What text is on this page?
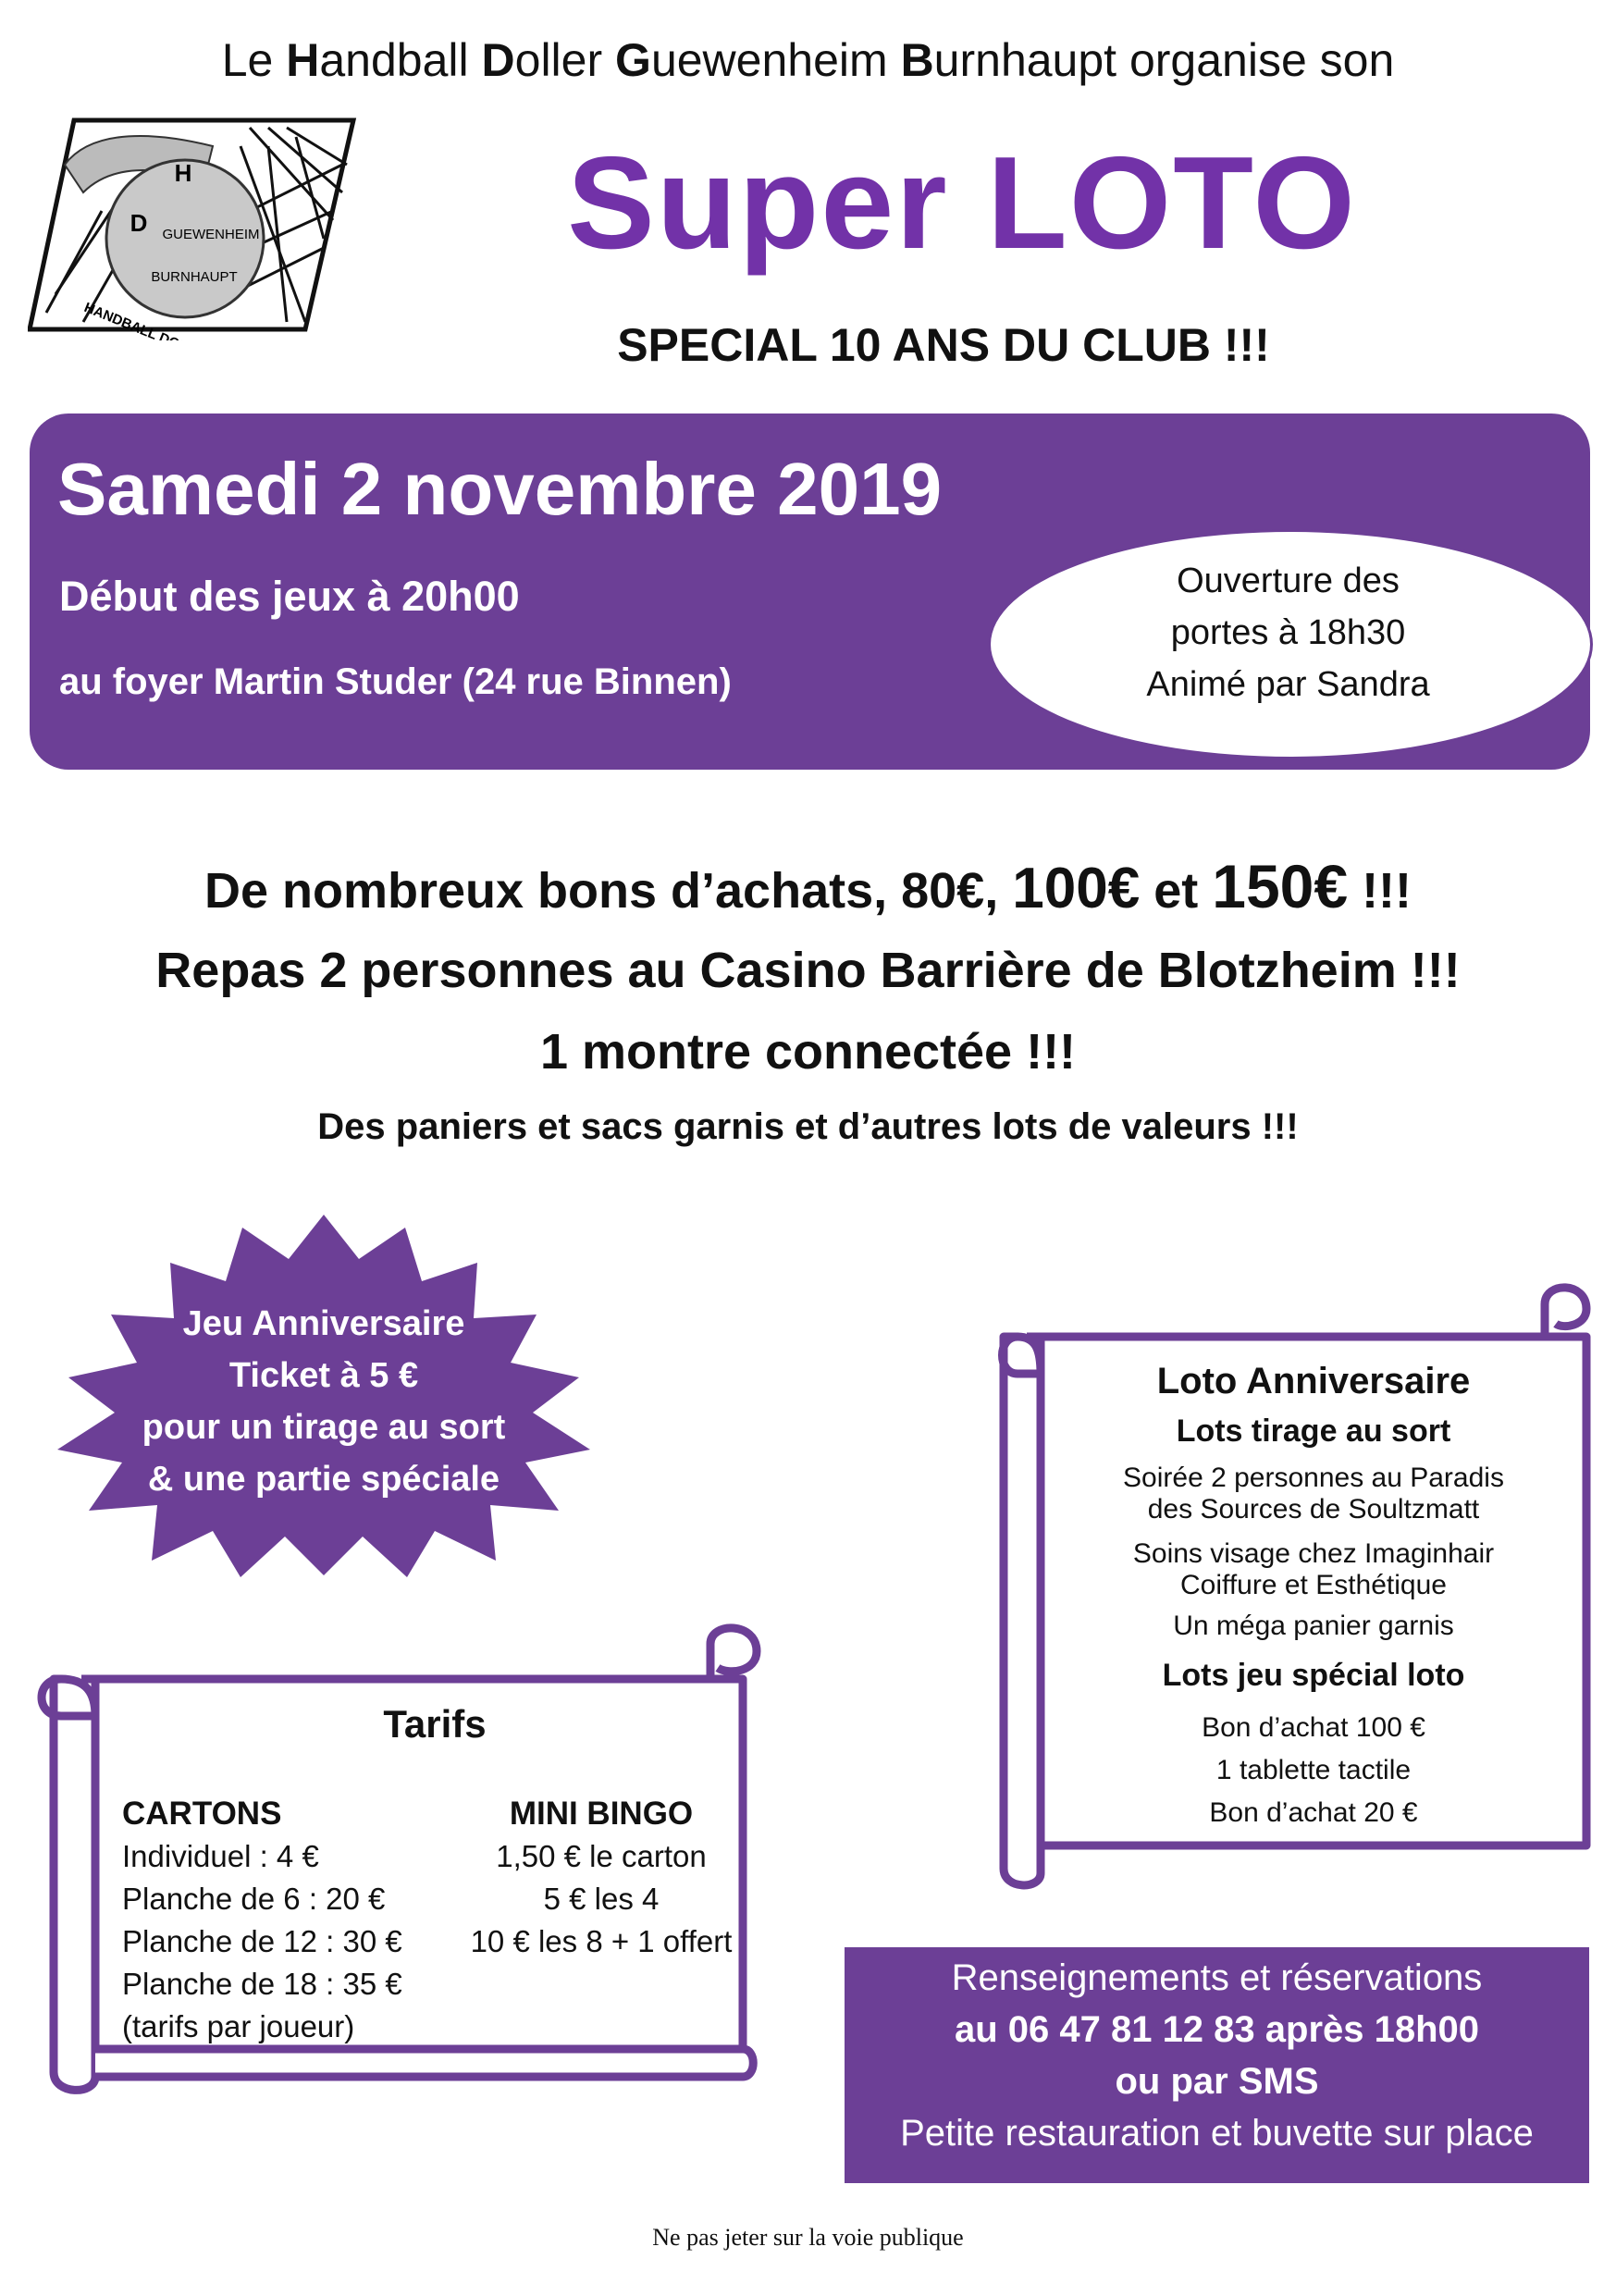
Le Handball Doller Guewenheim Burnhaupt organise son
H
D GUEWENHEIM
BURNHAUPT
Super LOTO
SPECIAL 10 ANS DU CLUB !!!
Samedi 2 novembre 2019
Début des jeux à 20h00
au foyer Martin Studer (24 rue Binnen)
Ouverture des
portes à 18h30
Animé par Sandra
De nombreux bons d’achats, 80€, 100€ et 150€ !!!
Repas 2 personnes au Casino Barrière de Blotzheim !!!
1 montre connectée !!!
Des paniers et sacs garnis et d’autres lots de valeurs !!!
Jeu Anniversaire
Ticket à 5 €
pour un tirage au sort
& une partie spéciale
Tarifs
CARTONS
Individuel : 4 €
Planche de 6 : 20 €
Planche de 12 : 30 €
Planche de 18 : 35 €
(tarifs par joueur)
MINI BINGO
1,50 € le carton
5 € les 4
10 € les 8 + 1 offert
Loto Anniversaire
Lots tirage au sort
Soirée 2 personnes au Paradis
des Sources de Soultzmatt
Soins visage chez Imaginhair
Coiffure et Esthétique
Un méga panier garnis
Lots jeu spécial loto
Bon d’achat 100 €
1 tablette tactile
Bon d’achat 20 €
Renseignements et réservations
au 06 47 81 12 83 après 18h00
ou par SMS
Petite restauration et buvette sur place
Ne pas jeter sur la voie publique
